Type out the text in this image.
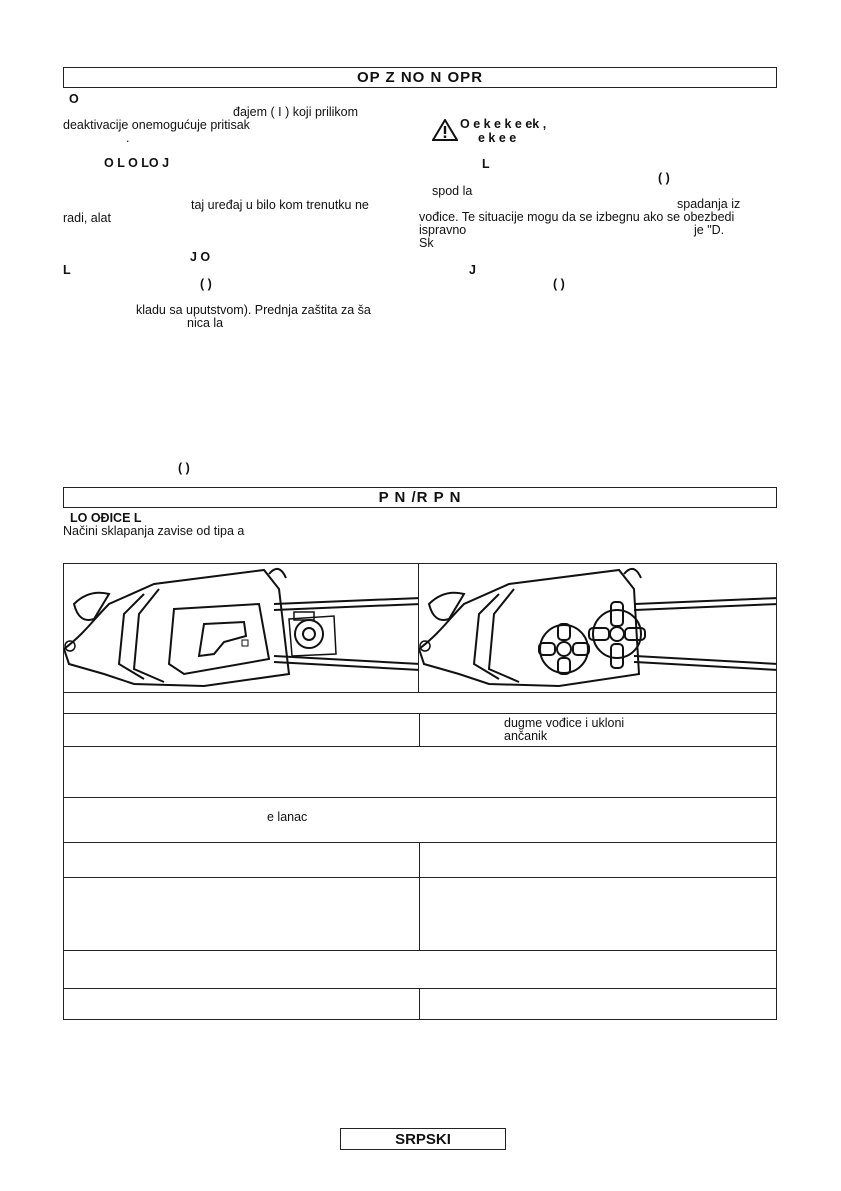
OP Z NO N OPR
O
đajem ( I ) koji prilikom
deaktivacije onemogućuje pritisak
.
O L O LO J
taj uređaj u bilo kom trenutku ne
radi, alat
J O
L
( )
kladu sa uputstvom). Prednja zaštita za ša
nica la
( )
O e k e k e ek ,
e k e e
L
( )
spod la
spadanja iz
vođice. Te situacije mogu da se izbegnu ako se obezbedi
ispravno	je "D.
Sk
J
( )
P N /R P N
LO OĐICE L
Načini sklapanja zavise od tipa a
dugme vođice i ukloni
ančanik
e lanac
SRPSKI
